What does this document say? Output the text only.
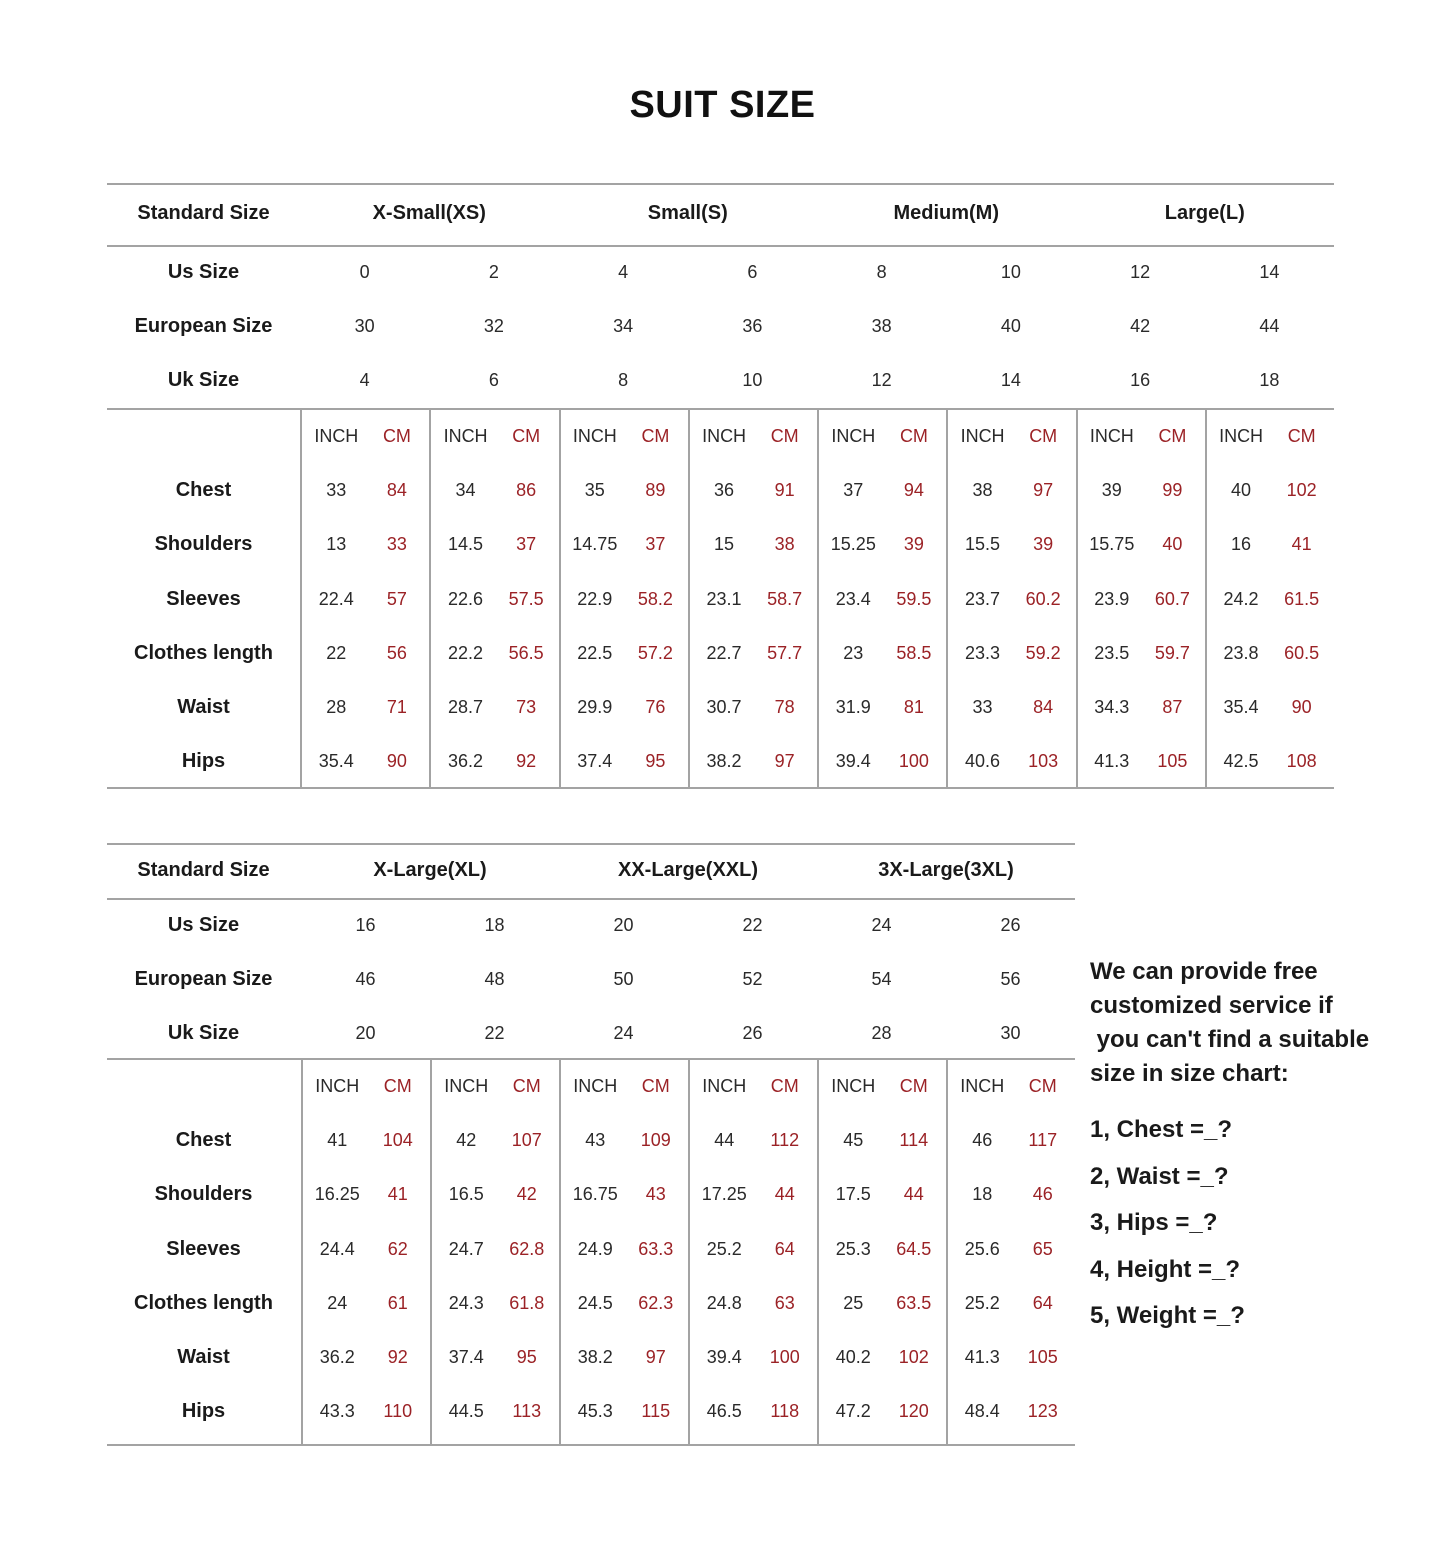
SUIT SIZE
Standard Size	X-Small(XS)	Small(S)	Medium(M)	Large(L)
Us Size	0	2	4	6	8	10	12	14
European Size	30	32	34	36	38	40	42	44
Uk Size	4	6	8	10	12	14	16	18
INCH	CM	INCH	CM	INCH	CM	INCH	CM	INCH	CM	INCH	CM	INCH	CM	INCH	CM
Chest	33	84	34	86	35	89	36	91	37	94	38	97	39	99	40	102
Shoulders	13	33	14.5	37	14.75	37	15	38	15.25	39	15.5	39	15.75	40	16	41
Sleeves	22.4	57	22.6	57.5	22.9	58.2	23.1	58.7	23.4	59.5	23.7	60.2	23.9	60.7	24.2	61.5
Clothes length	22	56	22.2	56.5	22.5	57.2	22.7	57.7	23	58.5	23.3	59.2	23.5	59.7	23.8	60.5
Waist	28	71	28.7	73	29.9	76	30.7	78	31.9	81	33	84	34.3	87	35.4	90
Hips	35.4	90	36.2	92	37.4	95	38.2	97	39.4	100	40.6	103	41.3	105	42.5	108
Standard Size	X-Large(XL)	XX-Large(XXL)	3X-Large(3XL)
Us Size	16	18	20	22	24	26
European Size	46	48	50	52	54	56
Uk Size	20	22	24	26	28	30
INCH	CM	INCH	CM	INCH	CM	INCH	CM	INCH	CM	INCH	CM
Chest	41	104	42	107	43	109	44	112	45	114	46	117
Shoulders	16.25	41	16.5	42	16.75	43	17.25	44	17.5	44	18	46
Sleeves	24.4	62	24.7	62.8	24.9	63.3	25.2	64	25.3	64.5	25.6	65
Clothes length	24	61	24.3	61.8	24.5	62.3	24.8	63	25	63.5	25.2	64
Waist	36.2	92	37.4	95	38.2	97	39.4	100	40.2	102	41.3	105
Hips	43.3	110	44.5	113	45.3	115	46.5	118	47.2	120	48.4	123

We can provide free

customized service if

you can't find a suitable

size in size chart:

1, Chest =_?
2, Waist =_?
3, Hips =_?
4, Height =_?
5, Weight =_?
